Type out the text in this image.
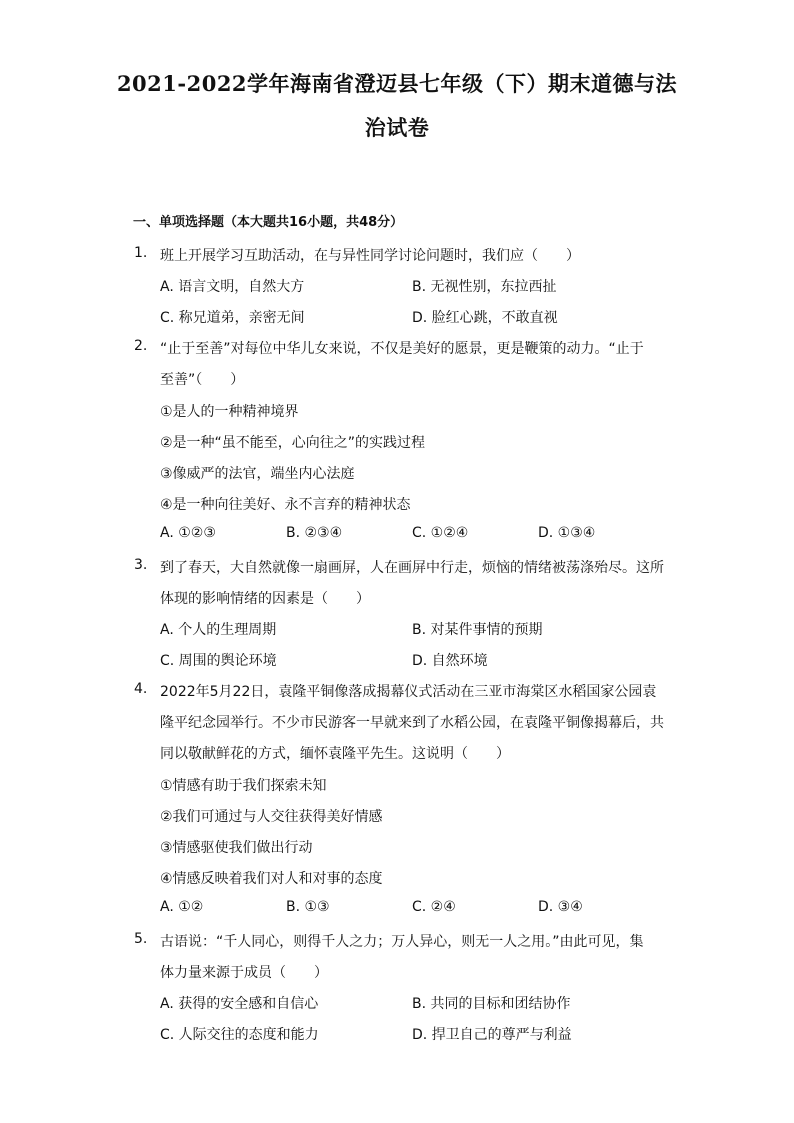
2021-2022学年海南省澄迈县七年级（下）期末道德与法
治试卷
一、单项选择题（本大题共16小题，共48分）
1. 班上开展学习互助活动，在与异性同学讨论问题时，我们应（　　）
A. 语言文明，自然大方	B. 无视性别，东拉西扯
C. 称兄道弟，亲密无间	D. 脸红心跳，不敢直视
2. “止于至善”对每位中华儿女来说，不仅是美好的愿景，更是鞭策的动力。“止于
至善”（　　）
①是人的一种精神境界
②是一种“虽不能至，心向往之”的实践过程
③像威严的法官，端坐内心法庭
④是一种向往美好、永不言弃的精神状态
A. ①②③	B. ②③④	C. ①②④	D. ①③④
3. 到了春天，大自然就像一扇画屏，人在画屏中行走，烦恼的情绪被荡涤殆尽。这所
体现的影响情绪的因素是（　　）
A. 个人的生理周期	B. 对某件事情的预期
C. 周围的舆论环境	D. 自然环境
4. 2022年5月22日，袁隆平铜像落成揭幕仪式活动在三亚市海棠区水稻国家公园袁
隆平纪念园举行。不少市民游客一早就来到了水稻公园，在袁隆平铜像揭幕后，共
同以敬献鲜花的方式，缅怀袁隆平先生。这说明（　　）
①情感有助于我们探索未知
②我们可通过与人交往获得美好情感
③情感驱使我们做出行动
④情感反映着我们对人和对事的态度
A. ①②	B. ①③	C. ②④	D. ③④
5. 古语说：“千人同心，则得千人之力；万人异心，则无一人之用。”由此可见，集
体力量来源于成员（　　）
A. 获得的安全感和自信心	B. 共同的目标和团结协作
C. 人际交往的态度和能力	D. 捍卫自己的尊严与利益
